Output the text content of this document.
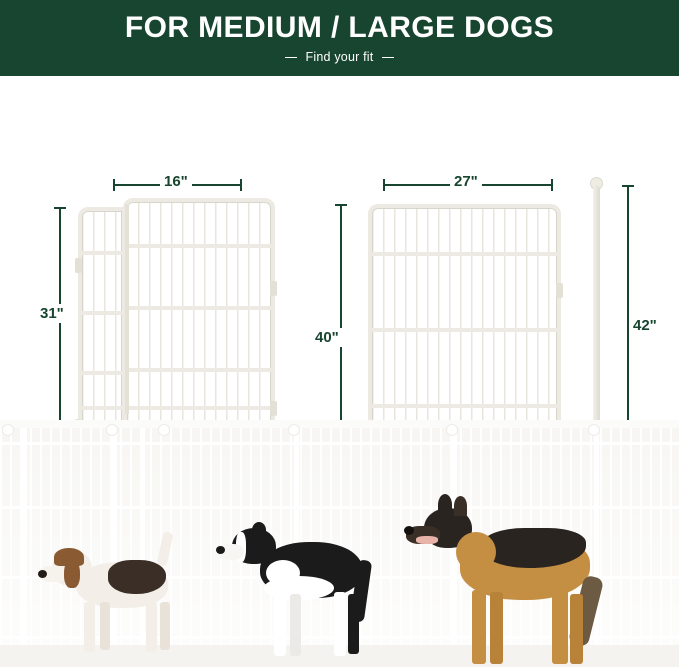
FOR MEDIUM / LARGE DOGS
Find your fit
16"
31"
27"
40"
42"
